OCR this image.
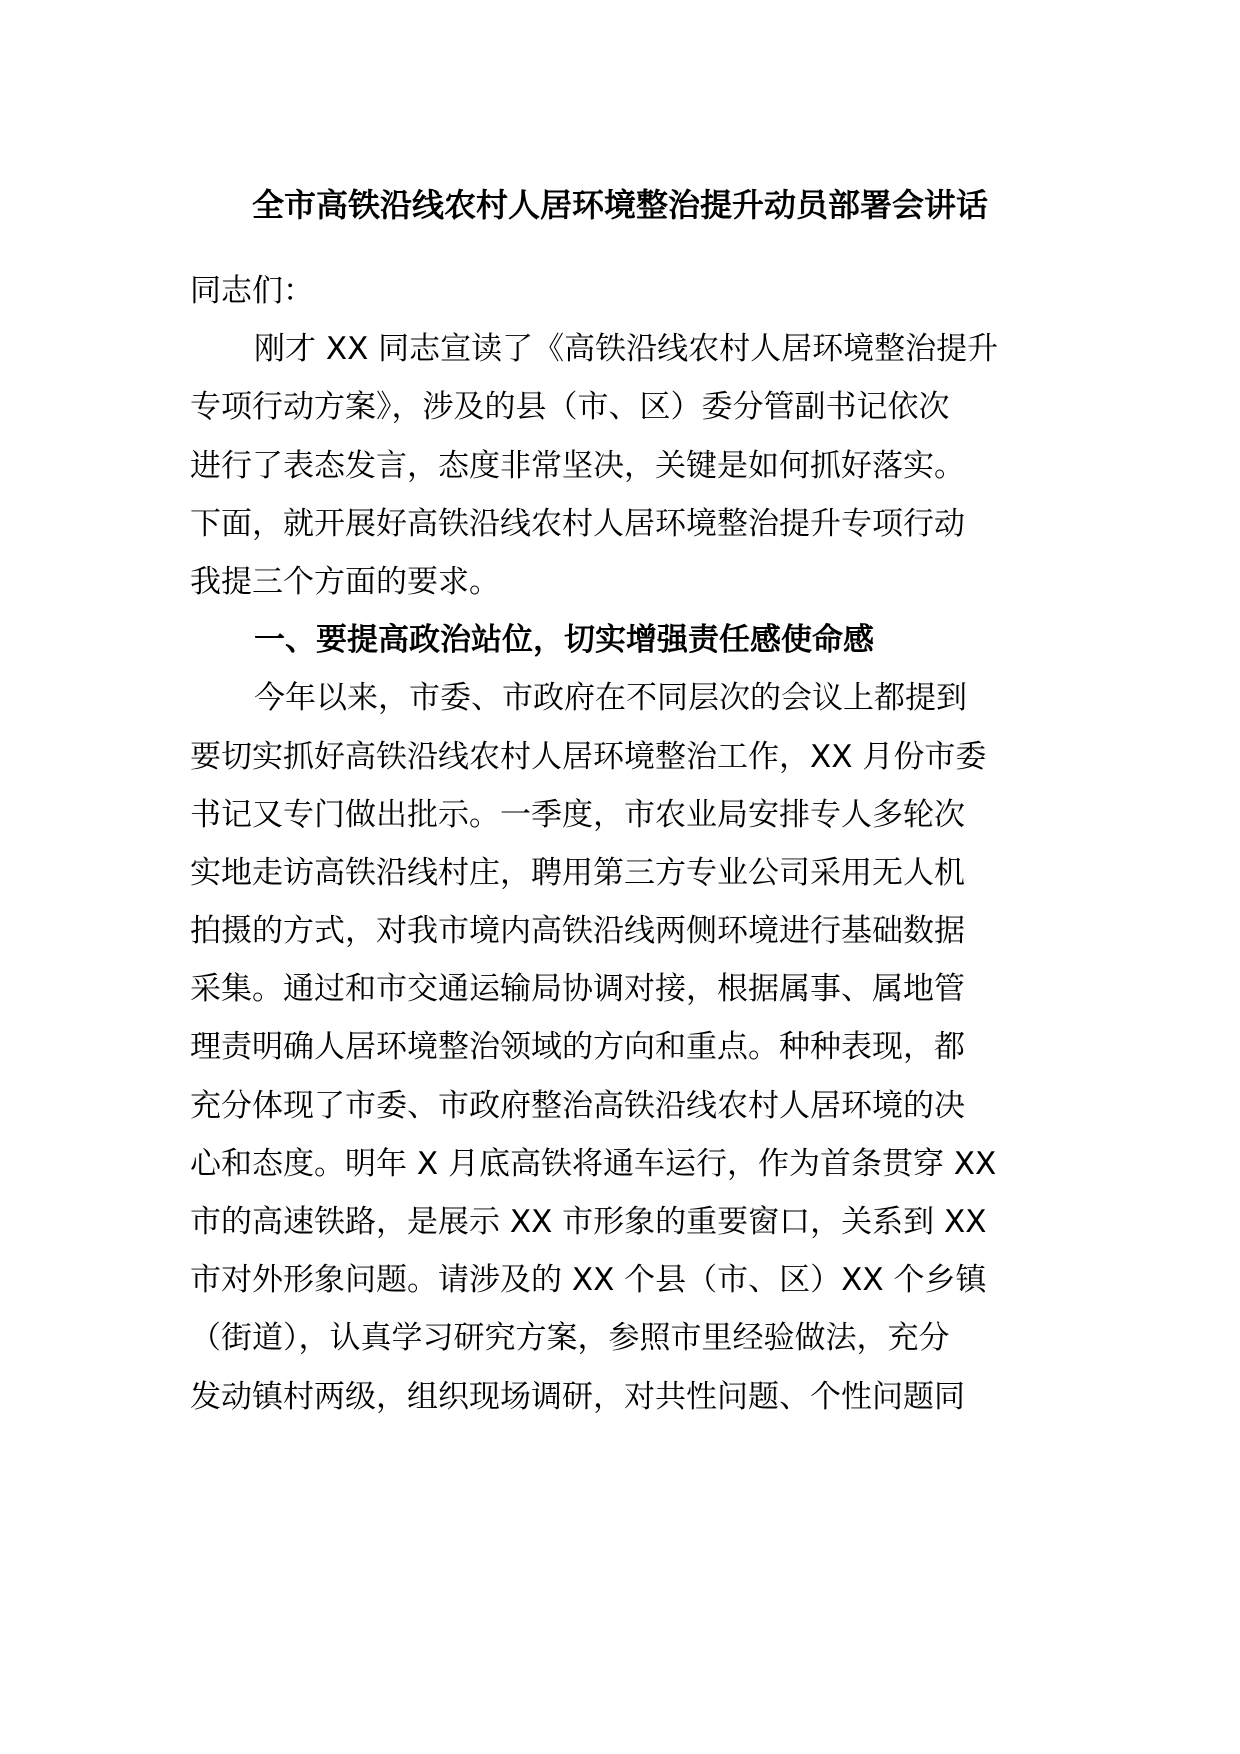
全市高铁沿线农村人居环境整治提升动员部署会讲话
同志们：
刚才 XX 同志宣读了《高铁沿线农村人居环境整治提升
专项行动方案》，涉及的县（市、区）委分管副书记依次
进行了表态发言，态度非常坚决，关键是如何抓好落实。
下面，就开展好高铁沿线农村人居环境整治提升专项行动
我提三个方面的要求。
一、要提高政治站位，切实增强责任感使命感
今年以来，市委、市政府在不同层次的会议上都提到
要切实抓好高铁沿线农村人居环境整治工作，XX 月份市委
书记又专门做出批示。一季度，市农业局安排专人多轮次
实地走访高铁沿线村庄，聘用第三方专业公司采用无人机
拍摄的方式，对我市境内高铁沿线两侧环境进行基础数据
采集。通过和市交通运输局协调对接，根据属事、属地管
理责明确人居环境整治领域的方向和重点。种种表现，都
充分体现了市委、市政府整治高铁沿线农村人居环境的决
心和态度。明年 X 月底高铁将通车运行，作为首条贯穿 XX
市的高速铁路，是展示 XX 市形象的重要窗口，关系到 XX
市对外形象问题。请涉及的 XX 个县（市、区）XX 个乡镇
（街道），认真学习研究方案，参照市里经验做法，充分
发动镇村两级，组织现场调研，对共性问题、个性问题同
